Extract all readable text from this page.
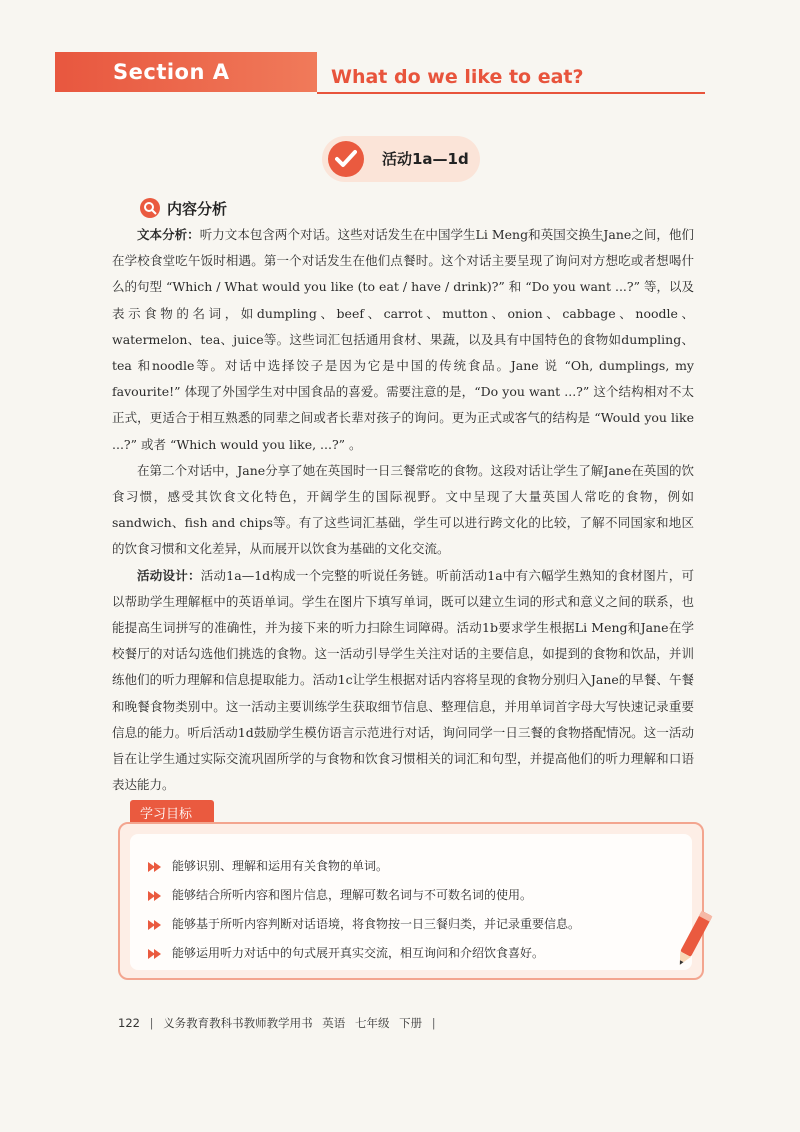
Section A	What do we like to eat?
活动1a—1d
内容分析

文本分析：听力文本包含两个对话。这些对话发生在中国学生Li Meng和英国交换生Jane之间，他们在学校食堂吃午饭时相遇。第一个对话发生在他们点餐时。这个对话主要呈现了询问对方想吃或者想喝什么的句型 “Which / What would you like (to eat / have / drink)?” 和 “Do you want ...?” 等，以及表示食物的名词，如dumpling、beef、carrot、mutton、onion、cabbage、noodle、watermelon、tea、juice等。这些词汇包括通用食材、果蔬，以及具有中国特色的食物如dumpling、tea 和noodle等。对话中选择饺子是因为它是中国的传统食品。Jane 说 “Oh, dumplings, my favourite!” 体现了外国学生对中国食品的喜爱。需要注意的是，“Do you want ...?” 这个结构相对不太正式，更适合于相互熟悉的同辈之间或者长辈对孩子的询问。更为正式或客气的结构是 “Would you like ...?” 或者 “Which would you like, ...?” 。

在第二个对话中，Jane分享了她在英国时一日三餐常吃的食物。这段对话让学生了解Jane在英国的饮食习惯，感受其饮食文化特色，开阔学生的国际视野。文中呈现了大量英国人常吃的食物，例如sandwich、fish and chips等。有了这些词汇基础，学生可以进行跨文化的比较，了解不同国家和地区的饮食习惯和文化差异，从而展开以饮食为基础的文化交流。

活动设计：活动1a—1d构成一个完整的听说任务链。听前活动1a中有六幅学生熟知的食材图片，可以帮助学生理解框中的英语单词。学生在图片下填写单词，既可以建立生词的形式和意义之间的联系，也能提高生词拼写的准确性，并为接下来的听力扫除生词障碍。活动1b要求学生根据Li Meng和Jane在学校餐厅的对话勾选他们挑选的食物。这一活动引导学生关注对话的主要信息，如提到的食物和饮品，并训练他们的听力理解和信息提取能力。活动1c让学生根据对话内容将呈现的食物分别归入Jane的早餐、午餐和晚餐食物类别中。这一活动主要训练学生获取细节信息、整理信息，并用单词首字母大写快速记录重要信息的能力。听后活动1d鼓励学生模仿语言示范进行对话，询问同学一日三餐的食物搭配情况。这一活动旨在让学生通过实际交流巩固所学的与食物和饮食习惯相关的词汇和句型，并提高他们的听力理解和口语表达能力。

学习目标
能够识别、理解和运用有关食物的单词。
能够结合所听内容和图片信息，理解可数名词与不可数名词的使用。
能够基于所听内容判断对话语境，将食物按一日三餐归类，并记录重要信息。
能够运用听力对话中的句式展开真实交流，相互询问和介绍饮食喜好。
122 | 义务教育教科书教师教学用书 英语 七年级 下册 |
